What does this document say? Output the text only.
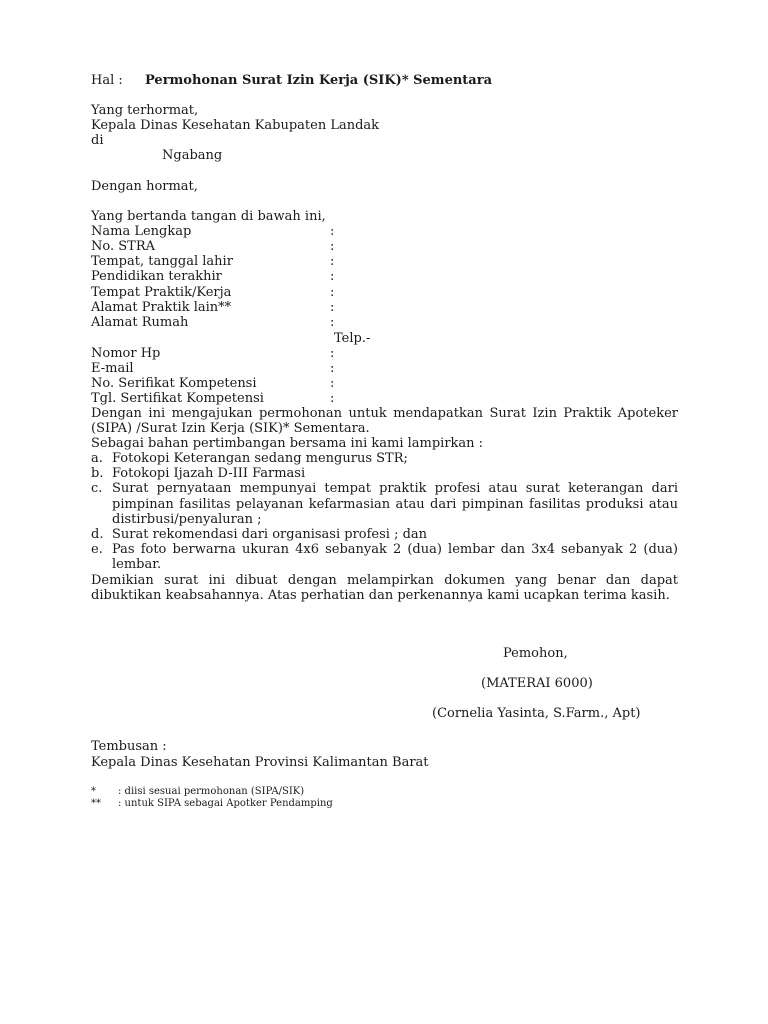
Hal : Permohonan Surat Izin Kerja (SIK)* Sementara
Yang terhormat,
Kepala Dinas Kesehatan Kabupaten Landak
di
Ngabang
Dengan hormat,
Yang bertanda tangan di bawah ini,
Nama Lengkap	:
No. STRA	:
Tempat, tanggal lahir	:
Pendidikan terakhir	:
Tempat Praktik/Kerja	:
Alamat Praktik lain**	:
Alamat Rumah	:
Telp.-
Nomor Hp	:
E-mail	:
No. Serifikat Kompetensi	:
Tgl. Sertifikat Kompetensi	:
Dengan ini mengajukan permohonan untuk mendapatkan Surat Izin Praktik Apoteker (SIPA) /Surat Izin Kerja (SIK)* Sementara.
Sebagai bahan pertimbangan bersama ini kami lampirkan :
a. Fotokopi Keterangan sedang mengurus STR;
b. Fotokopi Ijazah D-III Farmasi
c. Surat pernyataan mempunyai tempat praktik profesi atau surat keterangan dari pimpinan fasilitas pelayanan kefarmasian atau dari pimpinan fasilitas produksi atau distirbusi/penyaluran ;
d. Surat rekomendasi dari organisasi profesi ; dan
e. Pas foto berwarna ukuran 4x6 sebanyak 2 (dua) lembar dan 3x4 sebanyak 2 (dua) lembar.
Demikian surat ini dibuat dengan melampirkan dokumen yang benar dan dapat dibuktikan keabsahannya. Atas perhatian dan perkenannya kami ucapkan terima kasih.
Pemohon,
(MATERAI 6000)
(Cornelia Yasinta, S.Farm., Apt)
Tembusan :
Kepala Dinas Kesehatan Provinsi Kalimantan Barat
* : diisi sesuai permohonan (SIPA/SIK)
** : untuk SIPA sebagai Apotker Pendamping
